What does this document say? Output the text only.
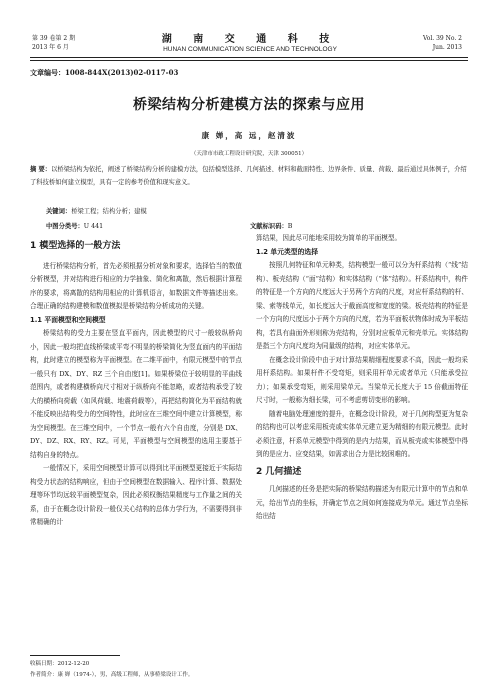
第 39 卷第 2 期
2013 年 6 月
湖 南 交 通 科 技
HUNAN COMMUNICATION SCIENCE AND TECHNOLOGY
Vol. 39 No. 2
Jun. 2013
文章编号：1008-844X(2013)02-0117-03
桥梁结构分析建模方法的探索与应用
康 婵，高 远，赵清波
（天津市市政工程设计研究院，天津 300051）
摘 要：以桥梁结构为依托，阐述了桥梁结构分析的建模方法，包括模型选择、几何描述、材料和截面特性、边界条件、质量、荷载、最后通过具体例子，介绍了科技桥如何建立模型，具有一定的参考价值和现实意义。
关键词：桥梁工程；结构分析；建模
中图分类号：U 441	文献标识码：B
1 模型选择的一般方法

进行桥梁结构分析，首先必须根据分析对象和要求，选择恰当的数值分析模型，并对结构进行相应的力学抽象、简化和离散，然后根据计算程序的要求，将离散的结构用相应的计算机语言，如数据文件等描述出来。合理正确的结构建模和数值模拟是桥梁结构分析成功的关键。

1.1 平面模型和空间模型

桥梁结构的受力主要在竖直平面内，因此模型的尺寸一般较纵桥向小，因此一般均把直线桥梁或平弯不明显的桥梁简化为竖直面内的平面结构，此时建立的模型称为平面模型。在二维平面中，有限元模型中的节点一般只有 DX、DY、RZ 三个自由度[1]。如果桥梁位于较明显的平曲线范围内，或者构建横桥向尺寸相对于纵桥向不能忽略，或者结构承受了较大的横桥向荷载（如风荷载、地震荷载等），再把结构简化为平面结构就不能反映出结构受力的空间特性，此时应在三维空间中建立计算模型，称为空间模型。在三维空间中，一个节点一般有六个自由度，分别是 DX、DY、DZ、RX、RY、RZ。可见，平面模型与空间模型的选用主要基于结构自身的特点。

一般情况下，采用空间模型计算可以得到比平面模型更接近于实际结构受力状态的结构响应，但由于空间模型在数据输入、程序计算、数据处理等环节均远较平面模型复杂，因此必须权衡结果精度与工作量之间的关系，由于在概念设计阶段一般仅关心结构的总体力学行为，不需要得到非常精确的计

算结果，因此尽可能地采用较为简单的平面模型。

1.2 单元类型的选择

按照几何特征和单元种类，结构模型一般可以分为杆系结构（“线”结构）、板壳结构（“面”结构）和实体结构（“体”结构）。杆系结构中，构件的特征是一个方向的尺度远大于另两个方向的尺度，对应杆系结构的杆、梁、索等线单元，如长度远大于截面高度和宽度的梁。板壳结构的特征是一个方向的尺度远小于两个方向的尺度，若为平面板状物体时成为平板结构，若具有曲面外形则称为壳结构，分别对应板单元和壳单元。实体结构是指三个方向尺度均为同量级的结构，对应实体单元。

在概念设计阶段中由于对计算结果精细程度要求不高，因此一般均采用杆系结构。如果杆件不受弯矩，则采用杆单元或者单元（只能承受拉力）；如果承受弯矩，则采用梁单元。当梁单元长度大于 15 倍截面特征尺寸时，一般称为细长梁，可不考虑剪切变形的影响。

随着电脑处理速度的提升，在概念设计阶段，对于几何构型更为复杂的结构也可以考虑采用板壳或实体单元建立更为精细的有限元模型。此时必须注意，杆系单元模型中得到的是内力结果，而从板壳或实体模型中得到的是应力、应变结果，如需求出合力是比较困难的。

2 几何描述

几何描述的任务是把实际的桥梁结构描述为有限元计算中的节点和单元，给出节点的坐标，并确定节点之间如何连接成为单元。通过节点坐标给出结

收稿日期：2012-12-20
作者简介：康 婵（1974-），男，高级工程师，从事桥梁设计工作。
